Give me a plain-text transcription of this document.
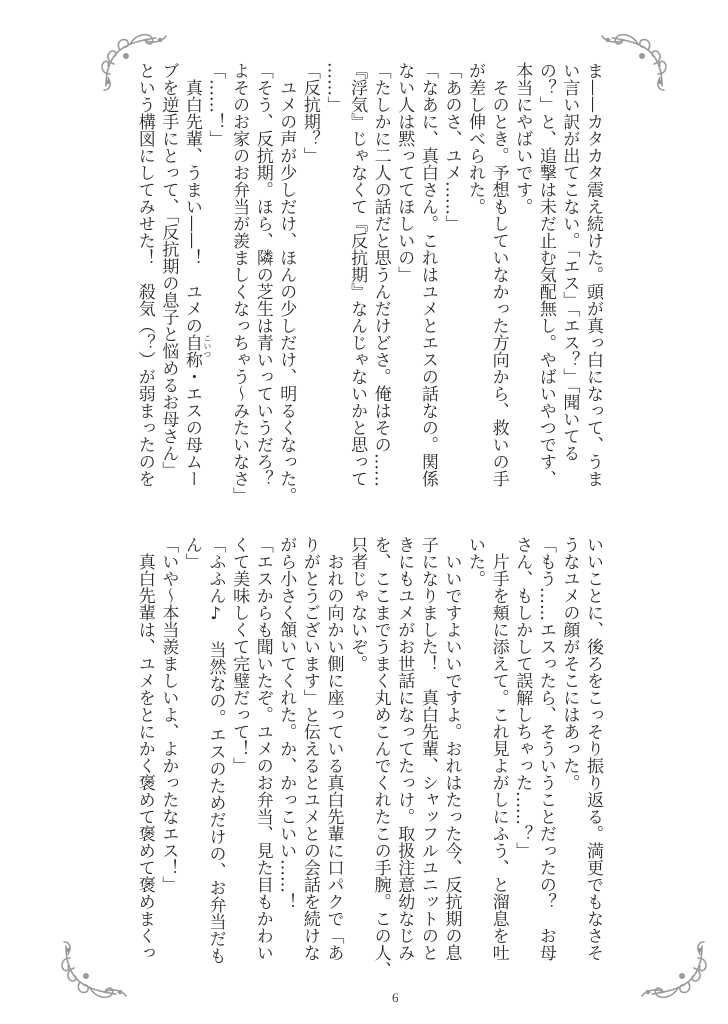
ま——カタカタ震え続けた。頭が真っ白になって、うま
い言い訳が出てこない。「エス」「エス？」「聞いてる
の？」と、追撃は未だ止む気配無し。やばいやつです、
本当にやばいです。
　そのとき。予想もしていなかった方向から、救いの手
が差し伸べられた。
「あのさ、ユメ……」
「なあに、真白さん。これはユメとエスの話なの。関係
ない人は黙っててほしいの」
「たしかに二人の話だと思うんだけどさ。俺はその……
『浮気』じゃなくて『反抗期』なんじゃないかと思って
……」
「反抗期？」
　ユメの声が少しだけ、ほんの少しだけ、明るくなった。
「そう、反抗期。ほら、隣の芝生は青いっていうだろ？
よそのお家のお弁当が羨ましくなっちゃう～みたいなさ」
「……！」
　真白先輩、うまい——！　ユメの自称 こいつ
・エスの母ムー
ブを逆手にとって、「反抗期の息子と悩めるお母さん」
という構図にしてみせた！　殺気（？）が弱まったのを
いいことに、後ろをこっそり振り返る。満更でもなさそ
うなユメの顔がそこにはあった。
「もう……エスったら、そういうことだったの？　お母
さん、もしかして誤解しちゃった……？」
　片手を頬に添えて。これ見よがしにふう、と溜息を吐
いた。
　いいですよいいですよ。おれはたった今、反抗期の息
子になりました！　真白先輩、シャッフルユニットのと
きにもユメがお世話になってたっけ。取扱注意幼なじみ
を、ここまでうまく丸めこんでくれたこの手腕。この人、
只者じゃないぞ。
　おれの向かい側に座っている真白先輩に口パクで「あ
りがとうございます」と伝えるとユメとの会話を続けな
がら小さく頷いてくれた。か、かっこいい……！
「エスからも聞いたぞ。ユメのお弁当、見た目もかわい
くて美味しくて完璧だって！」
「ふふん♪　当然なの。エスのためだけの、お弁当だも
ん」
「いや～本当羨ましいよ、よかったなエス！」
　真白先輩は、ユメをとにかく褒めて褒めて褒めまくっ
6
